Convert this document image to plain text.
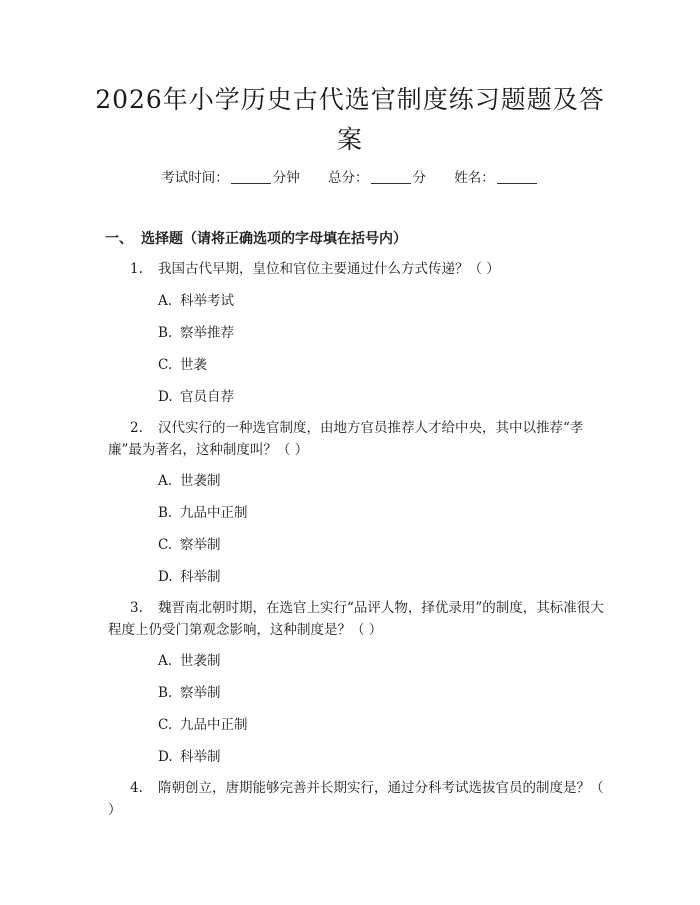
2026年小学历史古代选官制度练习题题及答案
考试时间：	分钟 总分：	分 姓名：
一、 选择题（请将正确选项的字母填在括号内）
1. 我国古代早期，皇位和官位主要通过什么方式传递？（ ）
A. 科举考试
B. 察举推荐
C. 世袭
D. 官员自荐
2. 汉代实行的一种选官制度，由地方官员推荐人才给中央，其中以推荐“孝廉”最为著名，这种制度叫？（ ）
A. 世袭制
B. 九品中正制
C. 察举制
D. 科举制
3. 魏晋南北朝时期，在选官上实行“品评人物，择优录用”的制度，其标准很大程度上仍受门第观念影响，这种制度是？（ ）
A. 世袭制
B. 察举制
C. 九品中正制
D. 科举制
4. 隋朝创立，唐期能够完善并长期实行，通过分科考试选拔官员的制度是？（ ）
